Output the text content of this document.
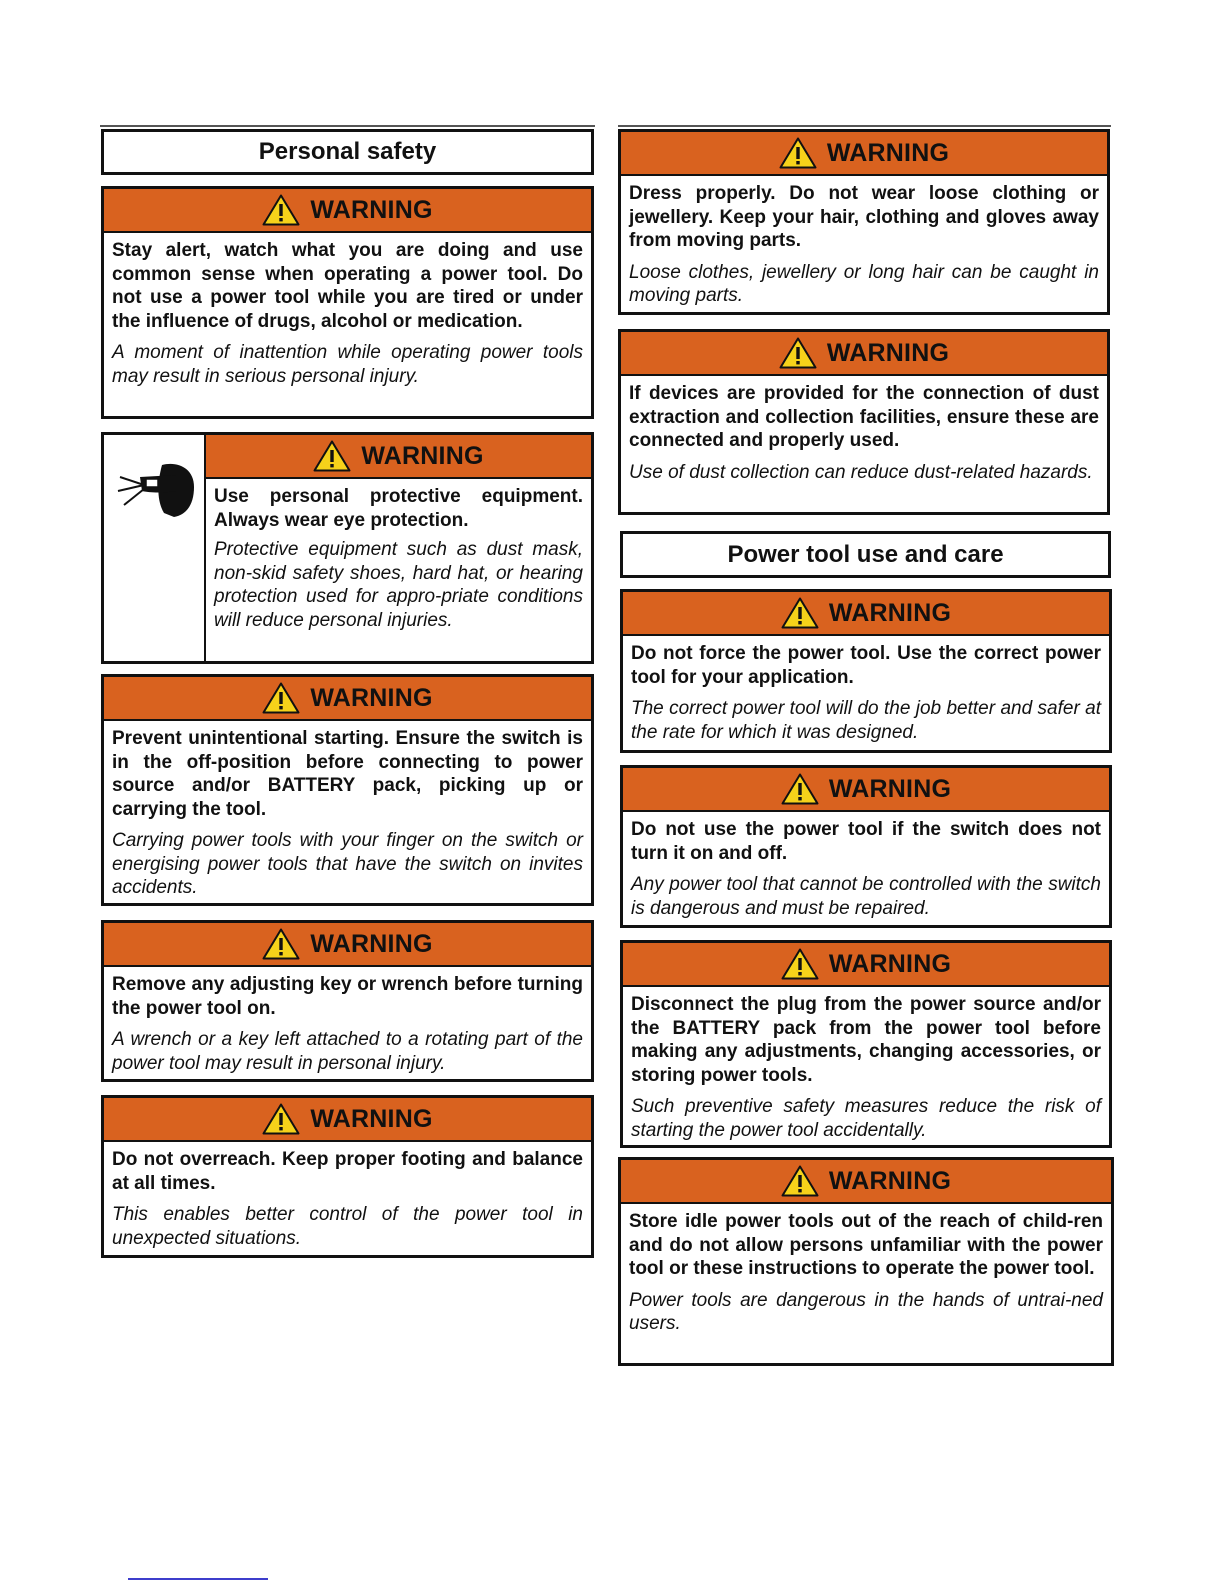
Personal safety
WARNING

Stay alert, watch what you are doing and use common sense when operating a power tool. Do not use a power tool while you are tired or under the influence of drugs, alcohol or medication.

A moment of inattention while operating power tools may result in serious personal injury.

WARNING

Use personal protective equipment. Always wear eye protection.

Protective equipment such as dust mask, non-skid safety shoes, hard hat, or hearing protection used for appro-priate conditions will reduce personal injuries.

WARNING

Prevent unintentional starting. Ensure the switch is in the off-position before connecting to power source and/or BATTERY pack, picking up or carrying the tool.

Carrying power tools with your finger on the switch or energising power tools that have the switch on invites accidents.

WARNING

Remove any adjusting key or wrench before turning the power tool on.

A wrench or a key left attached to a rotating part of the power tool may result in personal injury.

WARNING

Do not overreach. Keep proper footing and balance at all times.

This enables better control of the power tool in unexpected situations.

WARNING

Dress properly. Do not wear loose clothing or jewellery. Keep your hair, clothing and gloves away from moving parts.

Loose clothes, jewellery or long hair can be caught in moving parts.

WARNING

If devices are provided for the connection of dust extraction and collection facilities, ensure these are connected and properly used.

Use of dust collection can reduce dust-related hazards.

Power tool use and care
WARNING

Do not force the power tool. Use the correct power tool for your application.

The correct power tool will do the job better and safer at the rate for which it was designed.

WARNING

Do not use the power tool if the switch does not turn it on and off.

Any power tool that cannot be controlled with the switch is dangerous and must be repaired.

WARNING

Disconnect the plug from the power source and/or the BATTERY pack from the power tool before making any adjustments, changing accessories, or storing power tools.

Such preventive safety measures reduce the risk of starting the power tool accidentally.

WARNING

Store idle power tools out of the reach of child-ren and do not allow persons unfamiliar with the power tool or these instructions to operate the power tool.

Power tools are dangerous in the hands of untrai-ned users.
